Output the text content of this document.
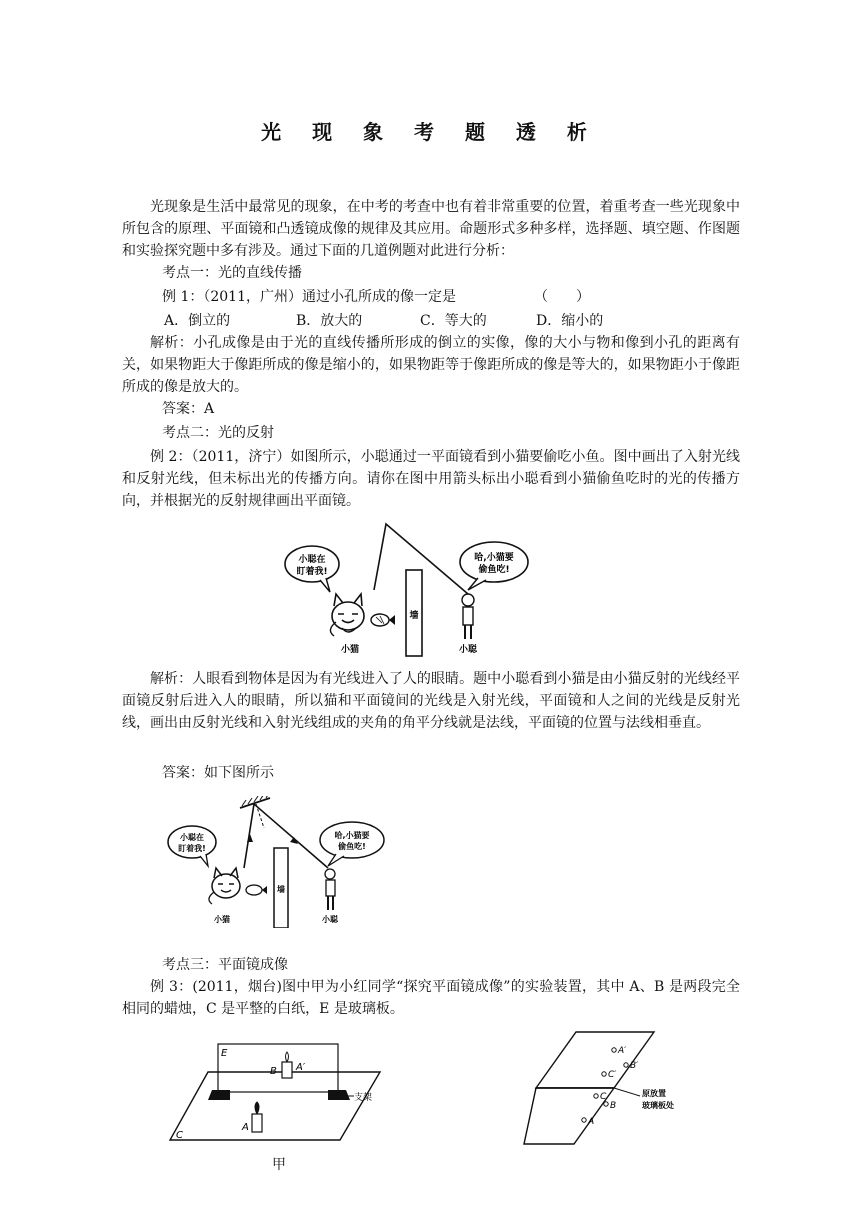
光 现 象 考 题 透 析
光现象是生活中最常见的现象，在中考的考查中也有着非常重要的位置，着重考查一些光现象中所包含的原理、平面镜和凸透镜成像的规律及其应用。命题形式多种多样，选择题、填空题、作图题和实验探究题中多有涉及。通过下面的几道例题对此进行分析：
考点一：光的直线传播
例 1：（2011，广州）通过小孔所成的像一定是	（　　）
A．倒立的	B．放大的	C．等大的	D．缩小的
解析：小孔成像是由于光的直线传播所形成的倒立的实像，像的大小与物和像到小孔的距离有关，如果物距大于像距所成的像是缩小的，如果物距等于像距所成的像是等大的，如果物距小于像距所成的像是放大的。
答案：A
考点二：光的反射
例 2：（2011，济宁）如图所示，小聪通过一平面镜看到小猫要偷吃小鱼。图中画出了入射光线和反射光线，但未标出光的传播方向。请你在图中用箭头标出小聪看到小猫偷鱼吃时的光的传播方向，并根据光的反射规律画出平面镜。
小聪在
盯着我!
墙
小猫
哈,小猫要
偷鱼吃!
小聪
解析：人眼看到物体是因为有光线进入了人的眼睛。题中小聪看到小猫是由小猫反射的光线经平面镜反射后进入人的眼睛，所以猫和平面镜间的光线是入射光线，平面镜和人之间的光线是反射光线，画出由反射光线和入射光线组成的夹角的角平分线就是法线，平面镜的位置与法线相垂直。
答案：如下图所示
小聪在
盯着我!
墙
小猫
哈,小猫要
偷鱼吃!
小聪
考点三：平面镜成像
例 3：(2011，烟台)图中甲为小红同学“探究平面镜成像”的实验装置，其中 A、B 是两段完全相同的蜡烛，C 是平整的白纸，E 是玻璃板。
E
B A′
A
C
支架
甲
A′
B′
C′
C
B
A
原放置
玻璃板处
